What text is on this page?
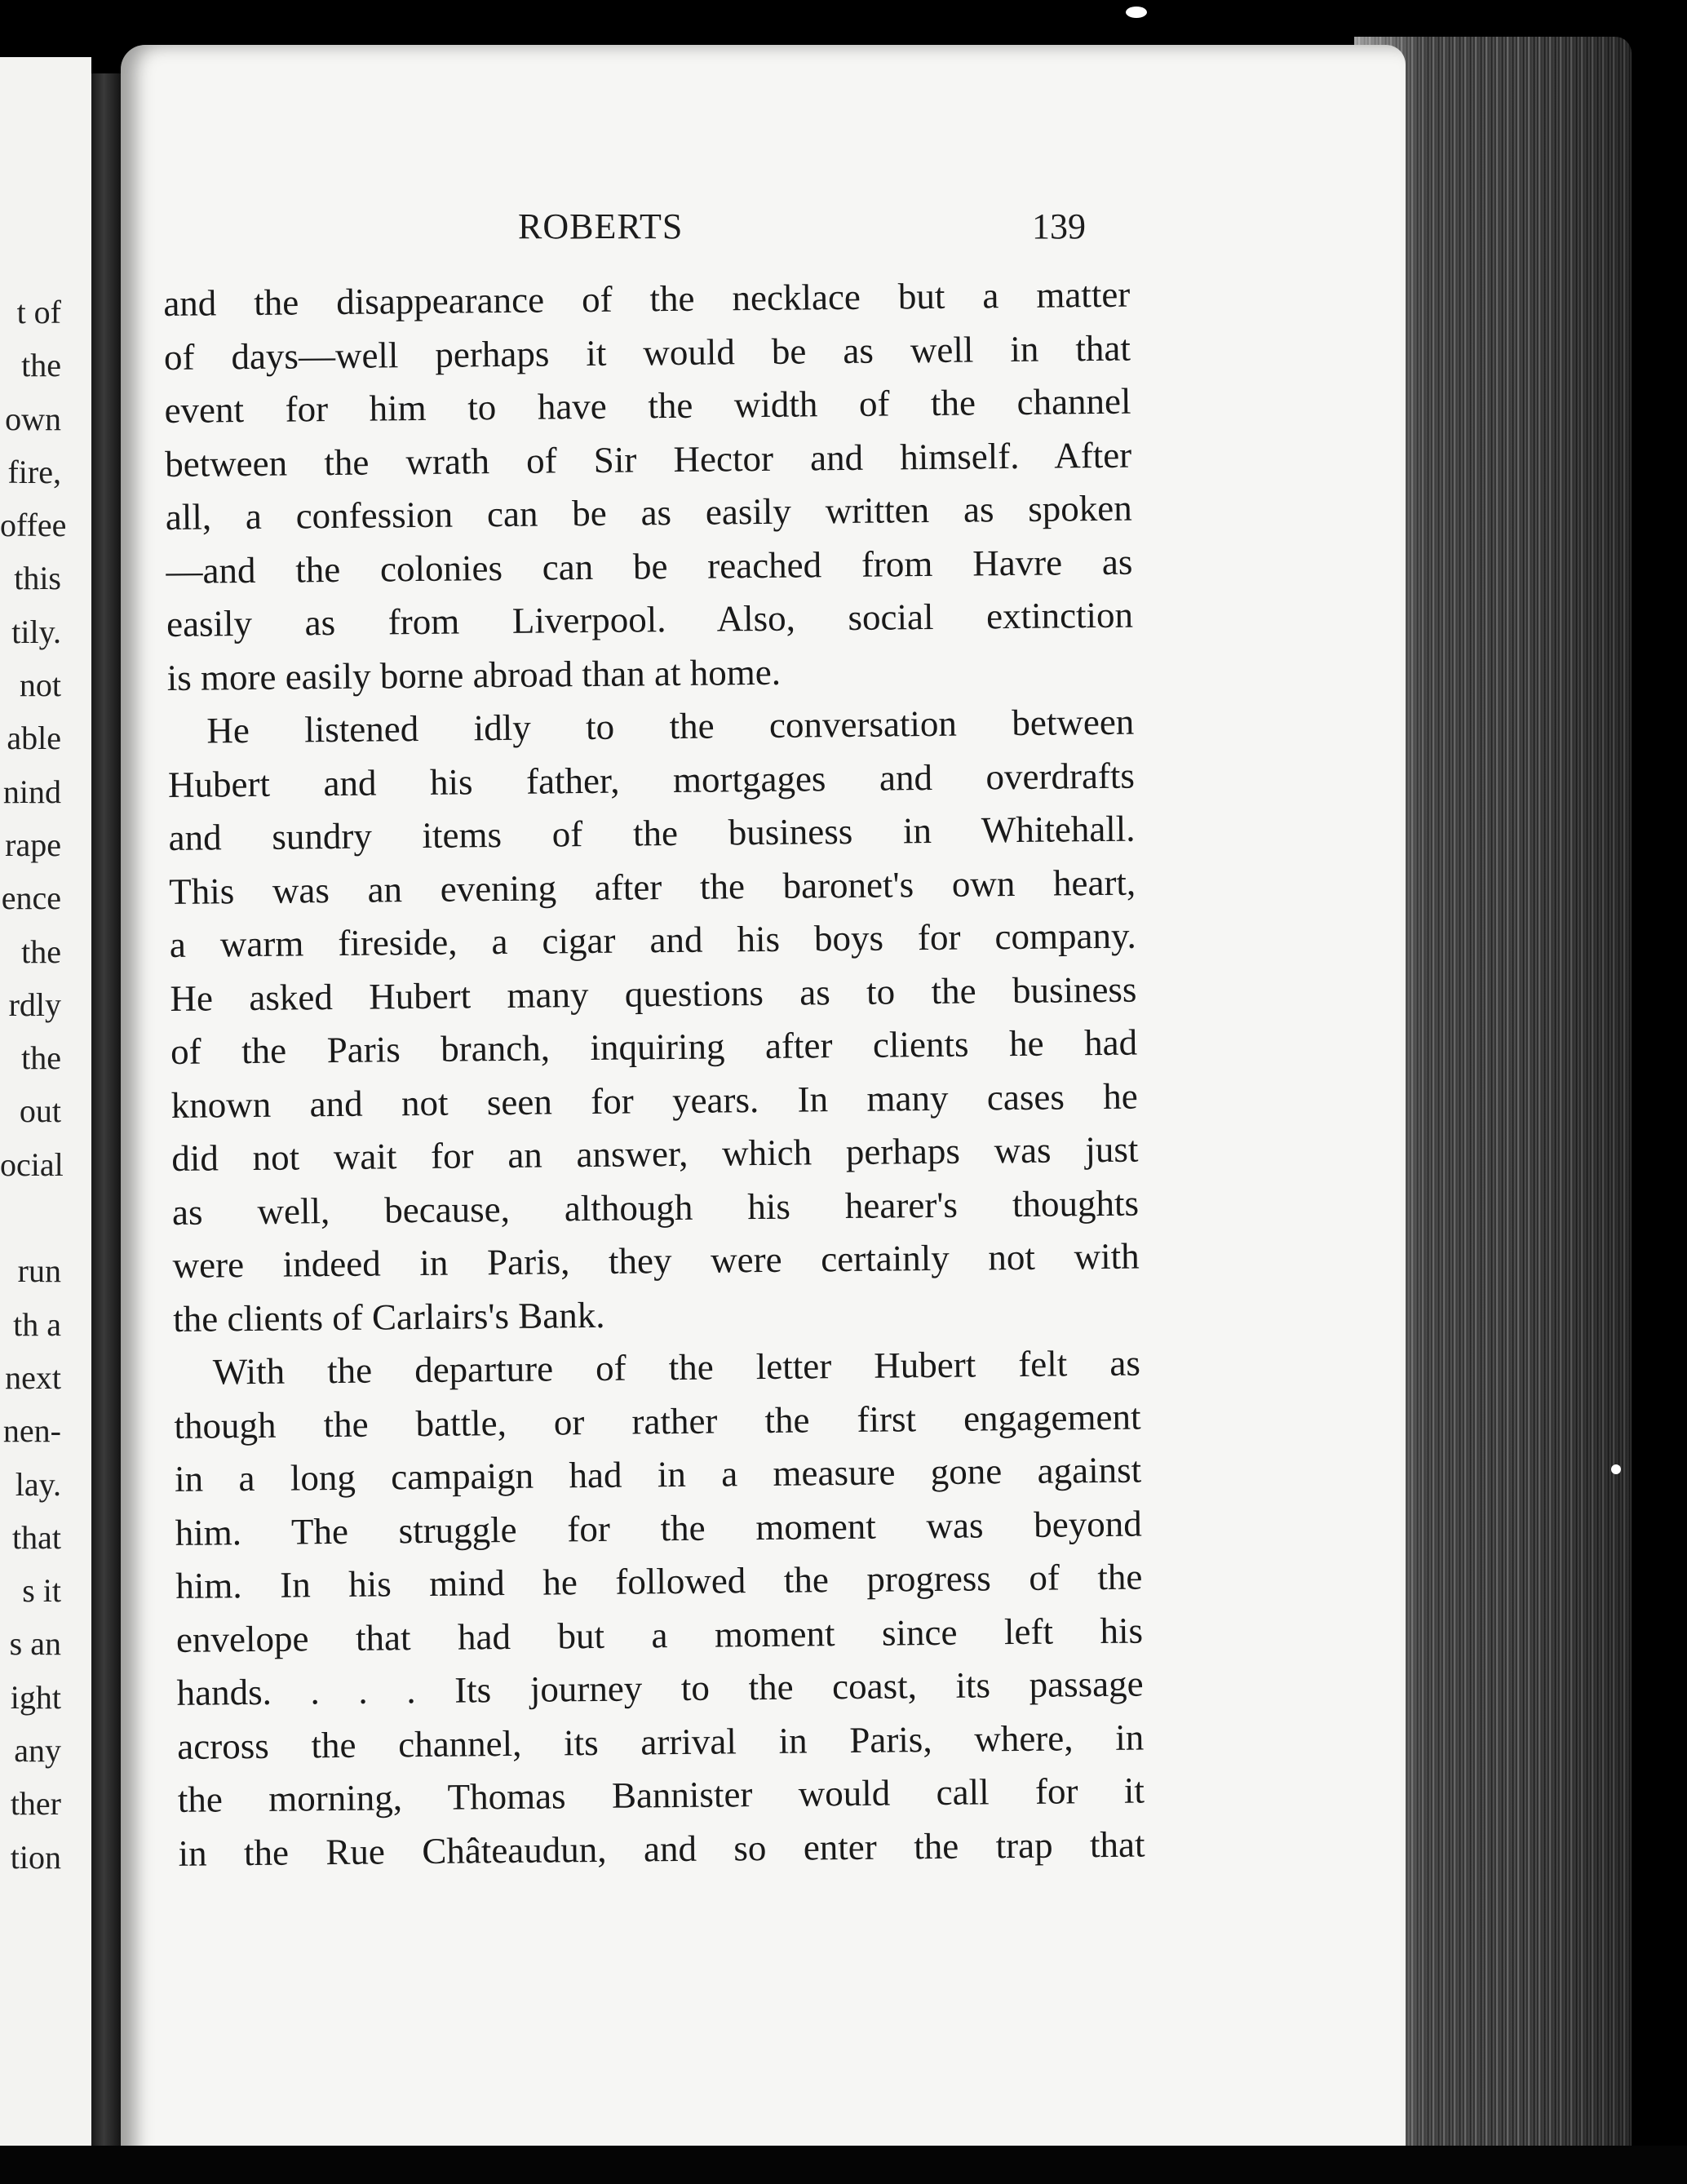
t of
the
own
fire,
offee
this
tily.
not
able
nind
rape
ence
the
rdly
the
out
ocial

run
th a
next
nen-
lay.
that
s it
s an
ight
any
ther
tion
ROBERTS	139
and the disappearance of the necklace but a matter
of days—well perhaps it would be as well in that
event for him to have the width of the channel
between the wrath of Sir Hector and himself. After
all, a confession can be as easily written as spoken
—and the colonies can be reached from Havre as
easily as from Liverpool. Also, social extinction
is more easily borne abroad than at home.
He listened idly to the conversation between
Hubert and his father, mortgages and overdrafts
and sundry items of the business in Whitehall.
This was an evening after the baronet's own heart,
a warm fireside, a cigar and his boys for company.
He asked Hubert many questions as to the business
of the Paris branch, inquiring after clients he had
known and not seen for years. In many cases he
did not wait for an answer, which perhaps was just
as well, because, although his hearer's thoughts
were indeed in Paris, they were certainly not with
the clients of Carlairs's Bank.
With the departure of the letter Hubert felt as
though the battle, or rather the first engagement
in a long campaign had in a measure gone against
him. The struggle for the moment was beyond
him. In his mind he followed the progress of the
envelope that had but a moment since left his
hands. . . . Its journey to the coast, its passage
across the channel, its arrival in Paris, where, in
the morning, Thomas Bannister would call for it
in the Rue Châteaudun, and so enter the trap that
